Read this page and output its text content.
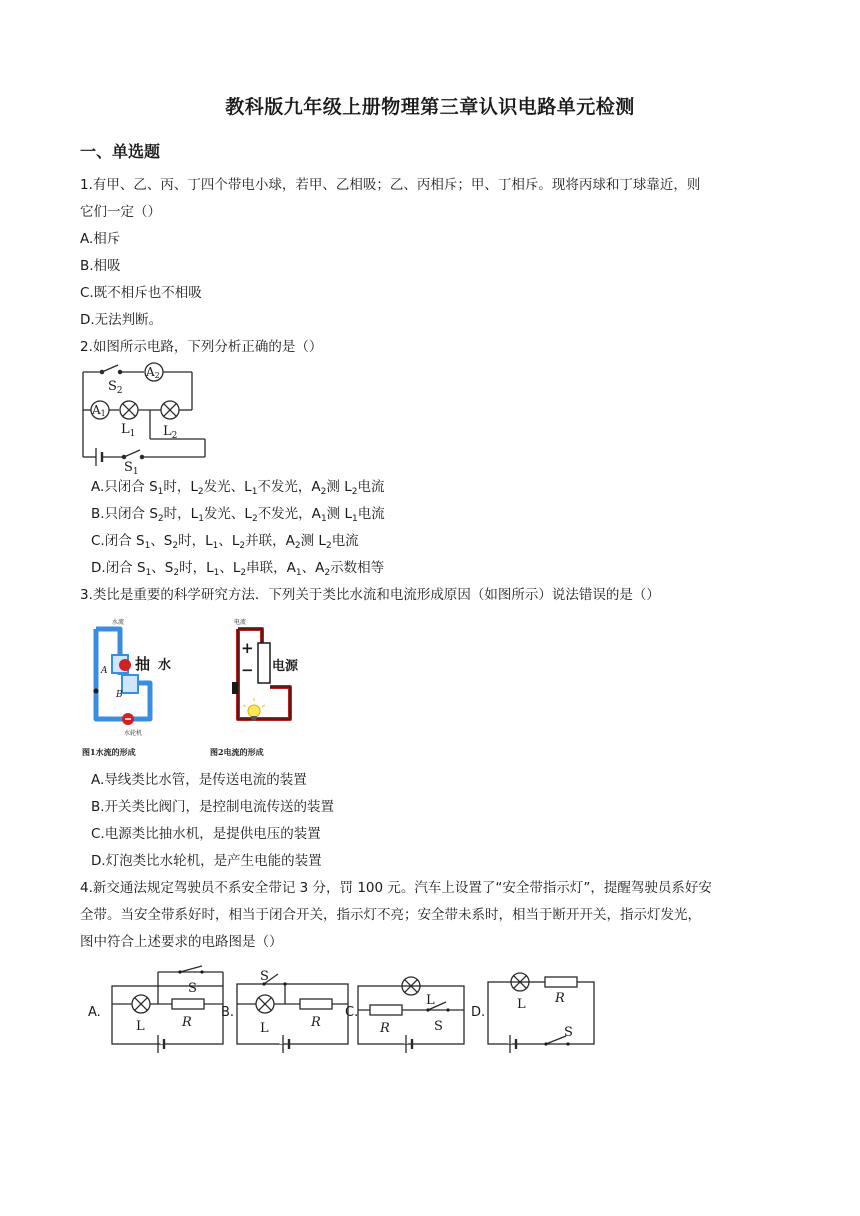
教科版九年级上册物理第三章认识电路单元检测
一、单选题
1.有甲、乙、丙、丁四个带电小球，若甲、乙相吸；乙、丙相斥；甲、丁相斥。现将丙球和丁球靠近，则
它们一定（）
A.相斥
B.相吸
C.既不相斥也不相吸
D.无法判断。
2.如图所示电路，下列分析正确的是（）
$S_2$
A2
A1
$L_1$ $L_2$
$S_1$
A.只闭合 $S_1$时，$L_2$发光、$L_1$不发光，$A_2$测 $L_2$电流
B.只闭合 $S_2$时，$L_1$发光、$L_2$不发光，$A_1$测 $L_1$电流
C.闭合 $S_1$、$S_2$时，$L_1$、$L_2$并联，$A_2$测 $L_2$电流
D.闭合 $S_1$、$S_2$时，$L_1$、$L_2$串联，$A_1$、$A_2$示数相等
3.类比是重要的科学研究方法．下列关于类比水流和电流形成原因（如图所示）说法错误的是（）
水流
A
B
抽 水
水轮机
图1水流的形成
电流
+
− 电源
图2电流的形成
A.导线类比水管，是传送电流的装置
B.开关类比阀门，是控制电流传送的装置
C.电源类比抽水机，是提供电压的装置
D.灯泡类比水轮机，是产生电能的装置
4.新交通法规定驾驶员不系安全带记 3 分，罚 100 元。汽车上设置了“安全带指示灯”，提醒驾驶员系好安
全带。当安全带系好时，相当于闭合开关，指示灯不亮；安全带未系时，相当于断开开关，指示灯发光，
图中符合上述要求的电路图是（）
A.
S
L	R
B.
S
L	R
C.
L
R	S
D.
L R
S
